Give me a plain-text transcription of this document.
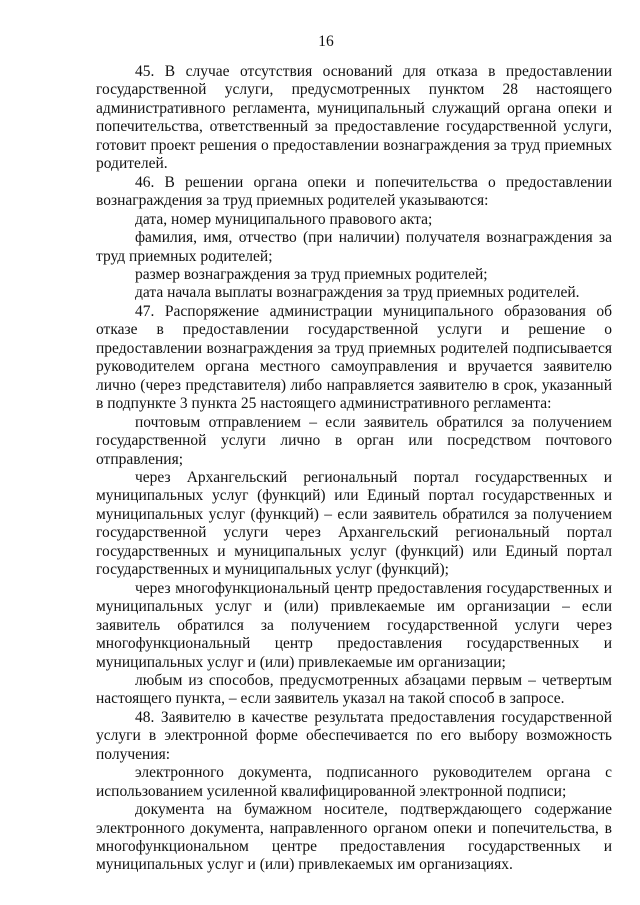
16

45. В случае отсутствия оснований для отказа в предоставлении государственной услуги, предусмотренных пунктом 28 настоящего административного регламента, муниципальный служащий органа опеки и попечительства, ответственный за предоставление государственной услуги, готовит проект решения о предоставлении вознаграждения за труд приемных родителей.

46. В решении органа опеки и попечительства о предоставлении вознаграждения за труд приемных родителей указываются:

дата, номер муниципального правового акта;

фамилия, имя, отчество (при наличии) получателя вознаграждения за труд приемных родителей;

размер вознаграждения за труд приемных родителей;

дата начала выплаты вознаграждения за труд приемных родителей.

47. Распоряжение администрации муниципального образования об отказе в предоставлении государственной услуги и решение о предоставлении вознаграждения за труд приемных родителей подписывается руководителем органа местного самоуправления и вручается заявителю лично (через представителя) либо направляется заявителю в срок, указанный в подпункте 3 пункта 25 настоящего административного регламента:

почтовым отправлением – если заявитель обратился за получением государственной услуги лично в орган или посредством почтового отправления;

через Архангельский региональный портал государственных и муниципальных услуг (функций) или Единый портал государственных и муниципальных услуг (функций) – если заявитель обратился за получением государственной услуги через Архангельский региональный портал государственных и муниципальных услуг (функций) или Единый портал государственных и муниципальных услуг (функций);

через многофункциональный центр предоставления государственных и муниципальных услуг и (или) привлекаемые им организации – если заявитель обратился за получением государственной услуги через многофункциональный центр предоставления государственных и муниципальных услуг и (или) привлекаемые им организации;

любым из способов, предусмотренных абзацами первым – четвертым настоящего пункта, – если заявитель указал на такой способ в запросе.

48. Заявителю в качестве результата предоставления государственной услуги в электронной форме обеспечивается по его выбору возможность получения:

электронного документа, подписанного руководителем органа с использованием усиленной квалифицированной электронной подписи;

документа на бумажном носителе, подтверждающего содержание электронного документа, направленного органом опеки и попечительства, в многофункциональном центре предоставления государственных и муниципальных услуг и (или) привлекаемых им организациях.
